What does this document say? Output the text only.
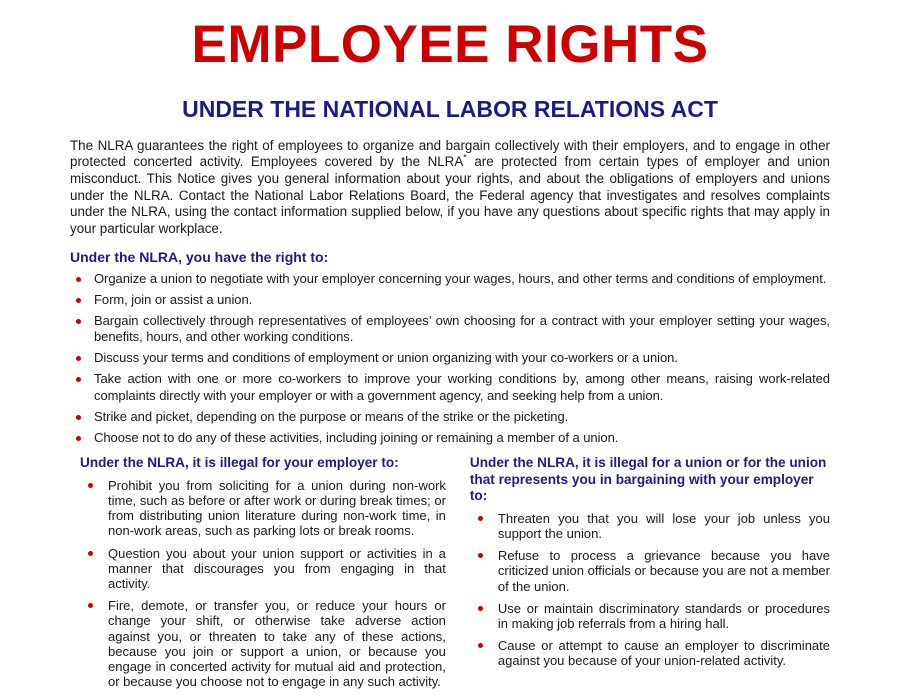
EMPLOYEE RIGHTS
UNDER THE NATIONAL LABOR RELATIONS ACT

The NLRA guarantees the right of employees to organize and bargain collectively with their employers, and to engage in other protected concerted activity. Employees covered by the NLRA* are protected from certain types of employer and union misconduct. This Notice gives you general information about your rights, and about the obligations of employers and unions under the NLRA. Contact the National Labor Relations Board, the Federal agency that investigates and resolves complaints under the NLRA, using the contact information supplied below, if you have any questions about specific rights that may apply in your particular workplace.

Under the NLRA, you have the right to:
Organize a union to negotiate with your employer concerning your wages, hours, and other terms and conditions of employment.
Form, join or assist a union.
Bargain collectively through representatives of employees’ own choosing for a contract with your employer setting your wages, benefits, hours, and other working conditions.
Discuss your terms and conditions of employment or union organizing with your co-workers or a union.
Take action with one or more co-workers to improve your working conditions by, among other means, raising work-related complaints directly with your employer or with a government agency, and seeking help from a union.
Strike and picket, depending on the purpose or means of the strike or the picketing.
Choose not to do any of these activities, including joining or remaining a member of a union.
Under the NLRA, it is illegal for your employer to:
Prohibit you from soliciting for a union during non-work time, such as before or after work or during break times; or from distributing union literature during non-work time, in non-work areas, such as parking lots or break rooms.
Question you about your union support or activities in a manner that discourages you from engaging in that activity.
Fire, demote, or transfer you, or reduce your hours or change your shift, or otherwise take adverse action against you, or threaten to take any of these actions, because you join or support a union, or because you engage in concerted activity for mutual aid and protection, or because you choose not to engage in any such activity.
Under the NLRA, it is illegal for a union or for the union that represents you in bargaining with your employer to:
Threaten you that you will lose your job unless you support the union.
Refuse to process a grievance because you have criticized union officials or because you are not a member of the union.
Use or maintain discriminatory standards or procedures in making job referrals from a hiring hall.
Cause or attempt to cause an employer to discriminate against you because of your union-related activity.
